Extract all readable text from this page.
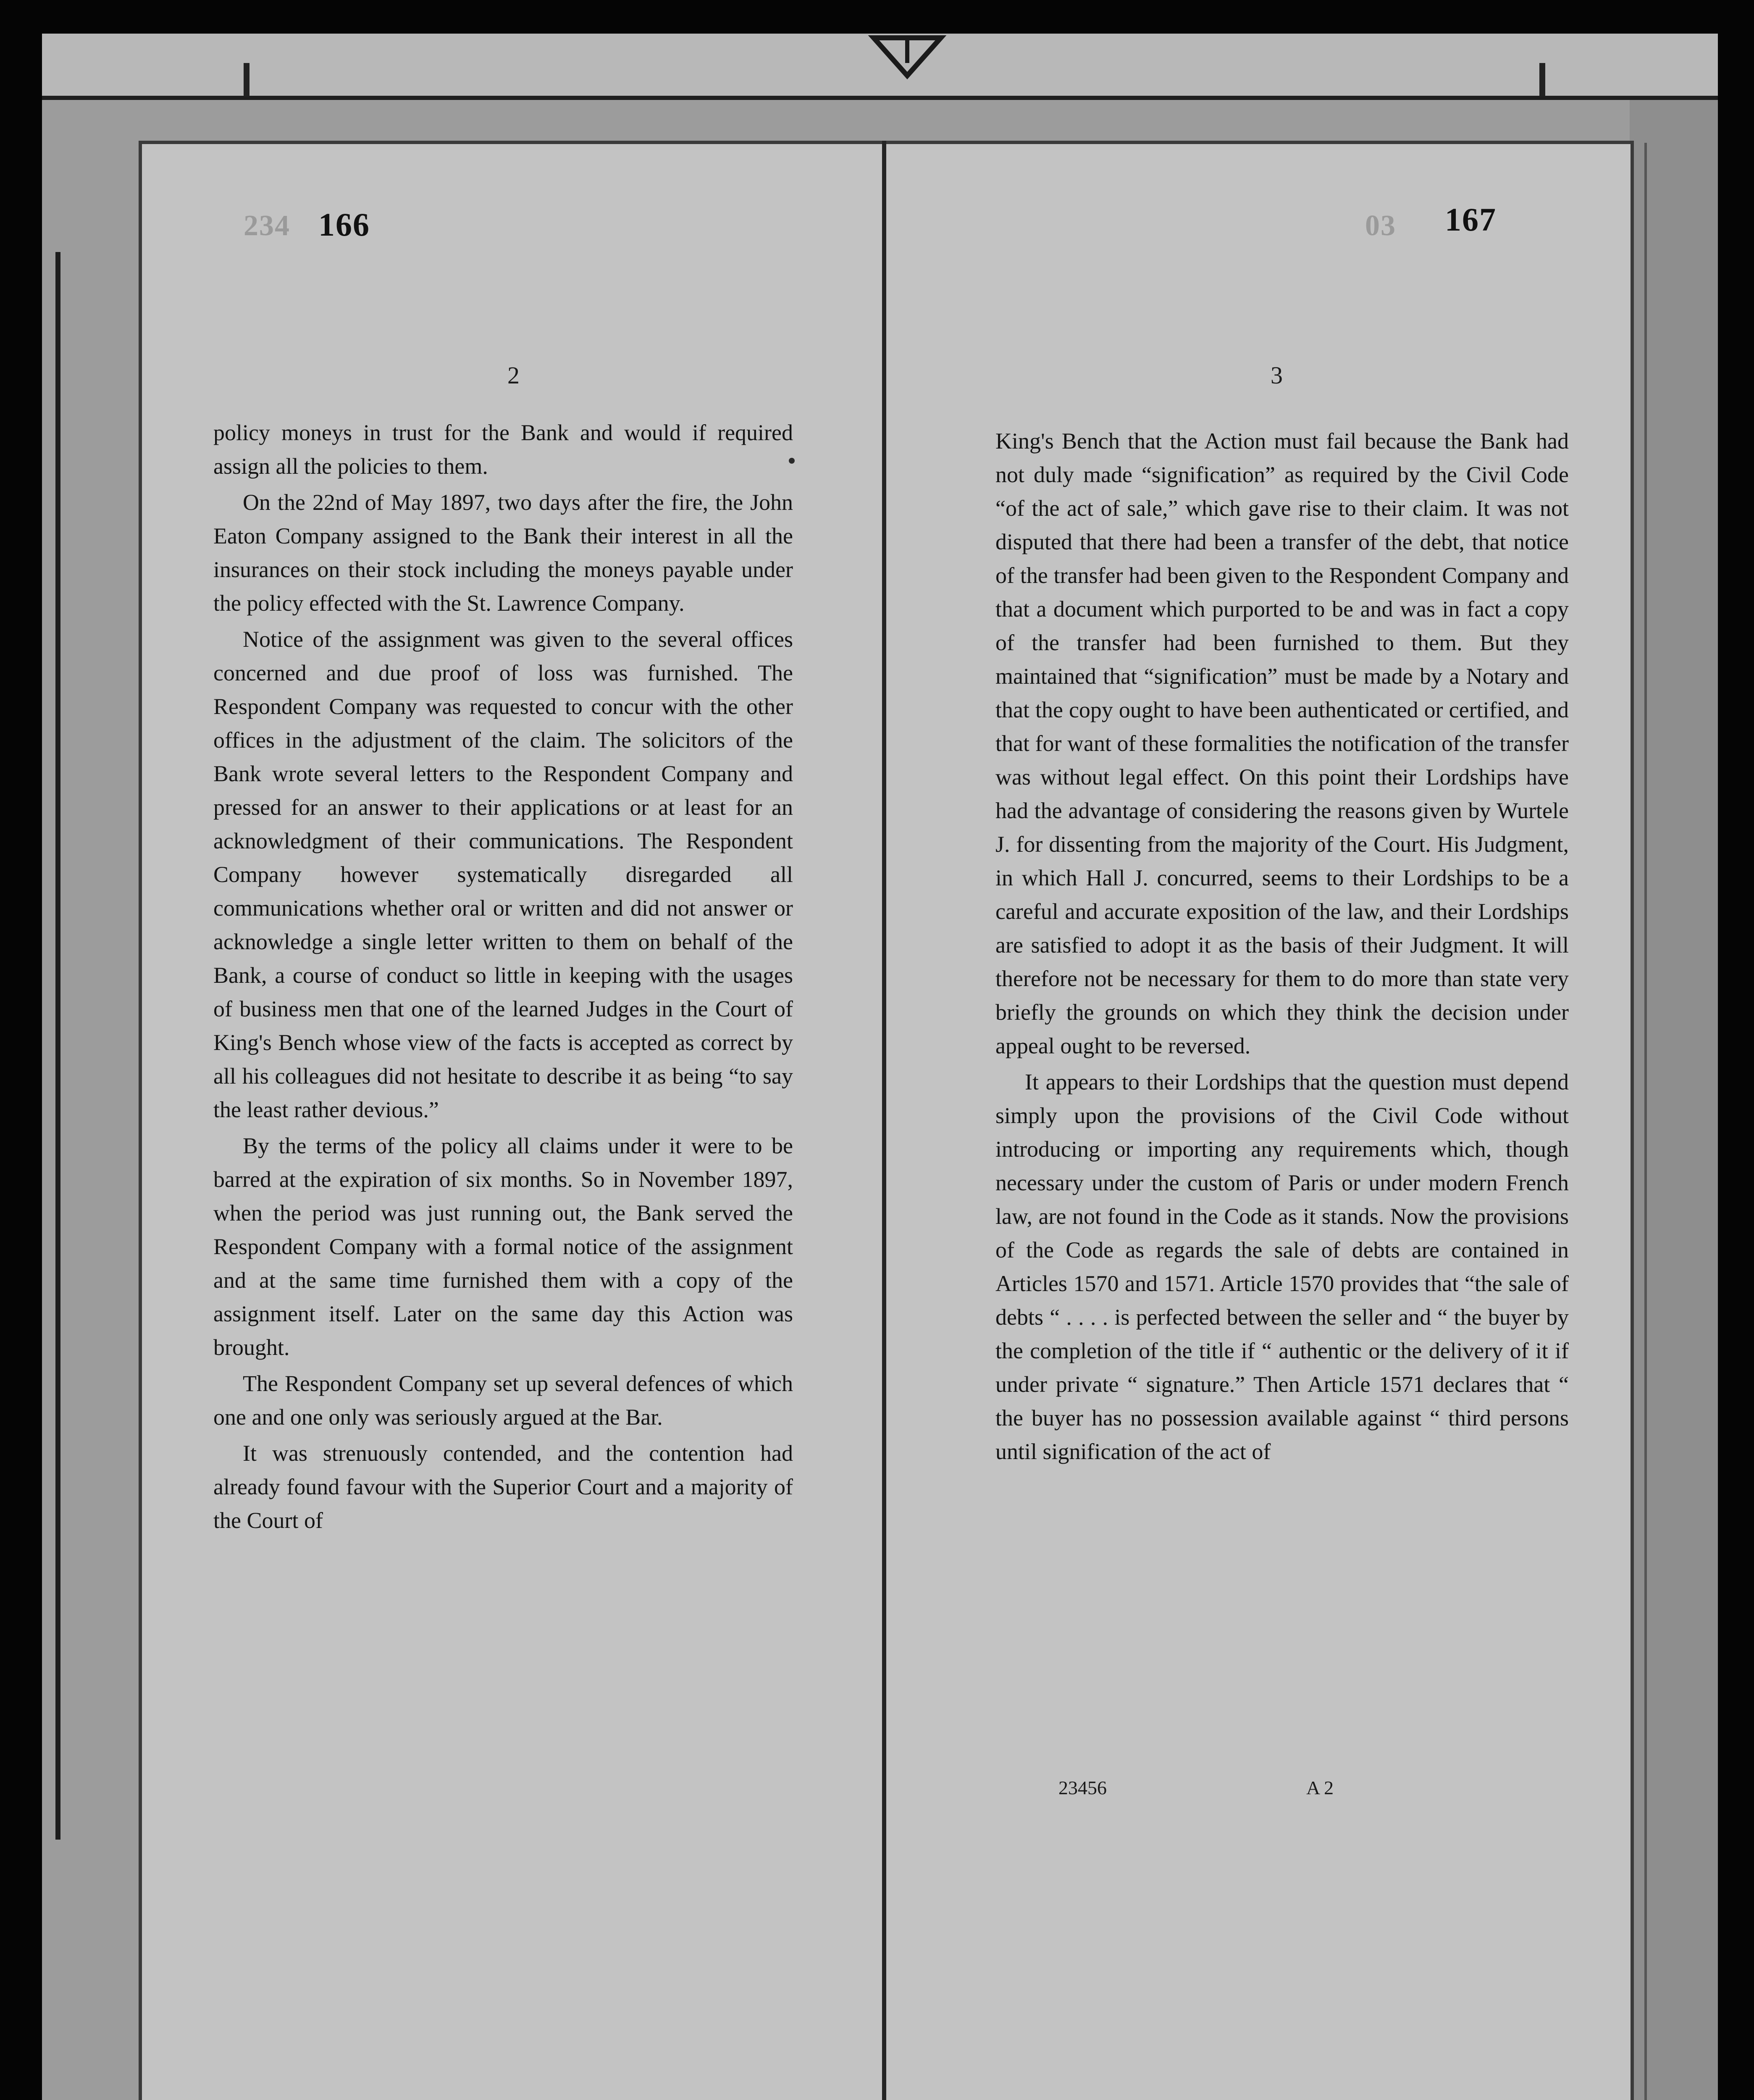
234 166
2
03 167
3

policy moneys in trust for the Bank and would if required assign all the policies to them.

On the 22nd of May 1897, two days after the fire, the John Eaton Company assigned to the Bank their interest in all the insurances on their stock including the moneys payable under the policy effected with the St. Lawrence Company.

Notice of the assignment was given to the several offices concerned and due proof of loss was furnished. The Respondent Company was requested to concur with the other offices in the adjustment of the claim. The solicitors of the Bank wrote several letters to the Respondent Company and pressed for an answer to their applications or at least for an acknowledgment of their communications. The Respondent Company however systematically disregarded all communications whether oral or written and did not answer or acknowledge a single letter written to them on behalf of the Bank, a course of conduct so little in keeping with the usages of business men that one of the learned Judges in the Court of King's Bench whose view of the facts is accepted as correct by all his colleagues did not hesitate to describe it as being “to say the least rather devious.”

By the terms of the policy all claims under it were to be barred at the expiration of six months. So in November 1897, when the period was just running out, the Bank served the Respondent Company with a formal notice of the assignment and at the same time furnished them with a copy of the assignment itself. Later on the same day this Action was brought.

The Respondent Company set up several defences of which one and one only was seriously argued at the Bar.

It was strenuously contended, and the contention had already found favour with the Superior Court and a majority of the Court of

King's Bench that the Action must fail because the Bank had not duly made “signification” as required by the Civil Code “of the act of sale,” which gave rise to their claim. It was not disputed that there had been a transfer of the debt, that notice of the transfer had been given to the Respondent Company and that a document which purported to be and was in fact a copy of the transfer had been furnished to them. But they maintained that “signification” must be made by a Notary and that the copy ought to have been authenticated or certified, and that for want of these formalities the notification of the transfer was without legal effect. On this point their Lordships have had the advantage of considering the reasons given by Wurtele J. for dissenting from the majority of the Court. His Judgment, in which Hall J. concurred, seems to their Lordships to be a careful and accurate exposition of the law, and their Lordships are satisfied to adopt it as the basis of their Judgment. It will therefore not be necessary for them to do more than state very briefly the grounds on which they think the decision under appeal ought to be reversed.

It appears to their Lordships that the question must depend simply upon the provisions of the Civil Code without introducing or importing any requirements which, though necessary under the custom of Paris or under modern French law, are not found in the Code as it stands. Now the provisions of the Code as regards the sale of debts are contained in Articles 1570 and 1571. Article 1570 provides that “the sale of debts “ . . . . is perfected between the seller and “ the buyer by the completion of the title if “ authentic or the delivery of it if under private “ signature.” Then Article 1571 declares that “ the buyer has no possession available against “ third persons until signification of the act of

23456	A 2
